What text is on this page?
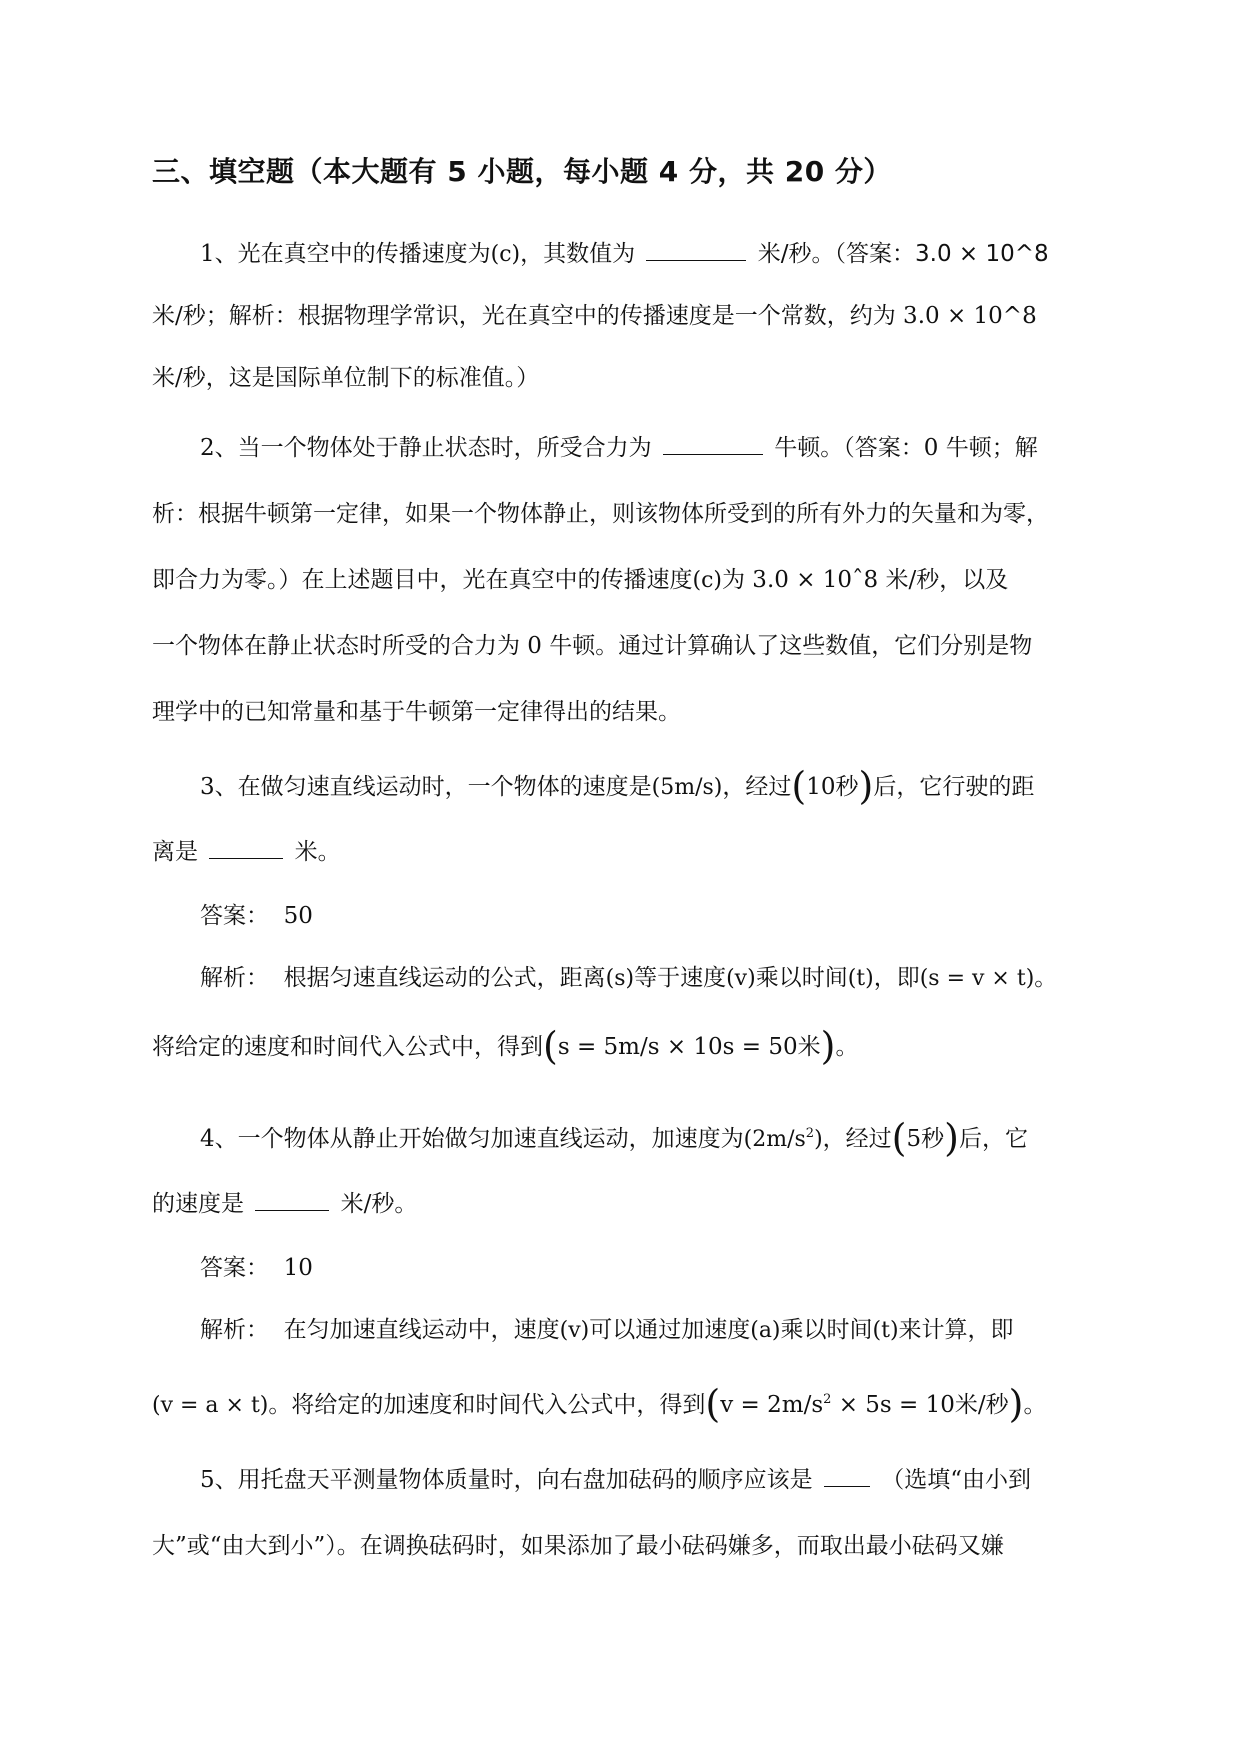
三、填空题（本大题有 5 小题，每小题 4 分，共 20 分）
1、光在真空中的传播速度为(c)，其数值为	米/秒。（答案：3.0 × 10^8
米/秒；解析：根据物理学常识，光在真空中的传播速度是一个常数，约为 3.0 × 10^8
米/秒，这是国际单位制下的标准值。）
2、当一个物体处于静止状态时，所受合力为	牛顿。（答案：0 牛顿；解
析：根据牛顿第一定律，如果一个物体静止，则该物体所受到的所有外力的矢量和为零，
即合力为零。）在上述题目中，光在真空中的传播速度(c)为 3.0 × 10ˆ8 米/秒，以及
一个物体在静止状态时所受的合力为 0 牛顿。通过计算确认了这些数值，它们分别是物
理学中的已知常量和基于牛顿第一定律得出的结果。
3、在做匀速直线运动时，一个物体的速度是(5m/s)，经过(10秒)后，它行驶的距
离是	米。
答案： 50
解析： 根据匀速直线运动的公式，距离(s)等于速度(v)乘以时间(t)，即(s = v × t)。
将给定的速度和时间代入公式中，得到(s = 5m/s × 10s = 50米)。
4、一个物体从静止开始做匀加速直线运动，加速度为$(2m/s^2)$，经过(5秒)后，它
的速度是	米/秒。
答案： 10
解析： 在匀加速直线运动中，速度(v)可以通过加速度(a)乘以时间(t)来计算，即
(v = a × t)。将给定的加速度和时间代入公式中，得到($v = 2m/s^2 \times 5s = 10$米/秒)。
5、用托盘天平测量物体质量时，向右盘加砝码的顺序应该是	（选填“由小到
大”或“由大到小”）。在调换砝码时，如果添加了最小砝码嫌多，而取出最小砝码又嫌
